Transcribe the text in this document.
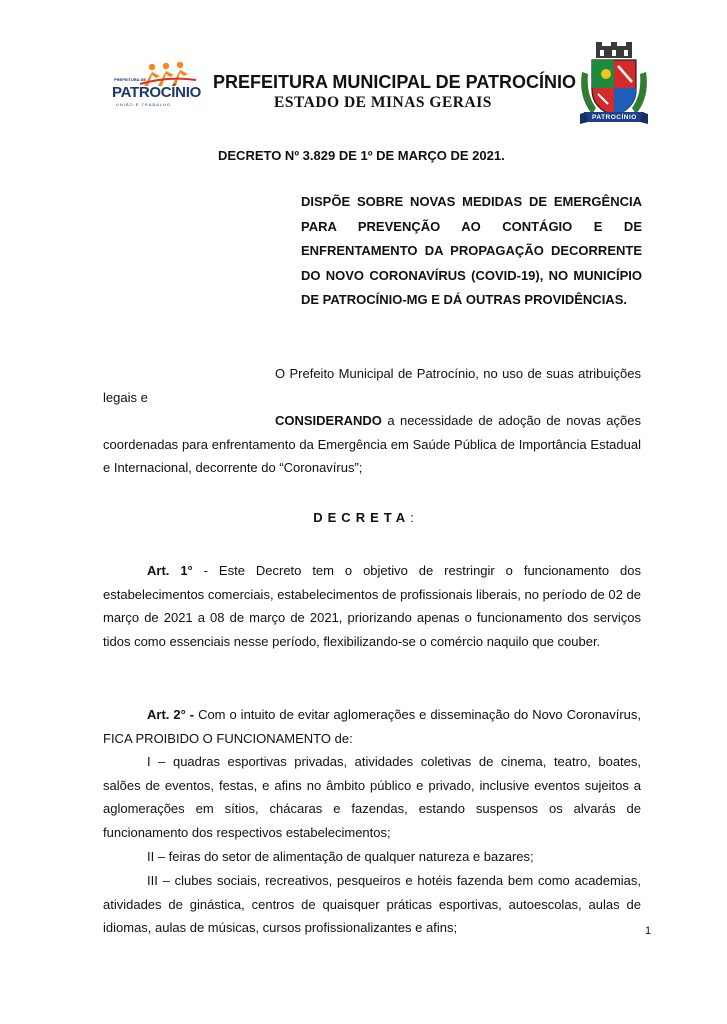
PREFEITURA DE
PATROCÍNIO
UNIÃO E TRABALHO
PREFEITURA MUNICIPAL DE PATROCÍNIO
ESTADO DE MINAS GERAIS
PATROCÍNIO
DECRETO Nº 3.829 DE 1º DE MARÇO DE 2021.

DISPÕE SOBRE NOVAS MEDIDAS DE EMERGÊNCIA PARA PREVENÇÃO AO CONTÁGIO E DE ENFRENTAMENTO DA PROPAGAÇÃO DECORRENTE DO NOVO CORONAVÍRUS (COVID-19), NO MUNICÍPIO DE PATROCÍNIO-MG E DÁ OUTRAS PROVIDÊNCIAS.

O Prefeito Municipal de Patrocínio, no uso de suas atribuições legais e

CONSIDERANDO a necessidade de adoção de novas ações coordenadas para enfrentamento da Emergência em Saúde Pública de Importância Estadual e Internacional, decorrente do “Coronavírus”;

DECRETA:

Art. 1° - Este Decreto tem o objetivo de restringir o funcionamento dos estabelecimentos comerciais, estabelecimentos de profissionais liberais, no período de 02 de março de 2021 a 08 de março de 2021, priorizando apenas o funcionamento dos serviços tidos como essenciais nesse período, flexibilizando-se o comércio naquilo que couber.

Art. 2° - Com o intuito de evitar aglomerações e disseminação do Novo Coronavírus, FICA PROIBIDO O FUNCIONAMENTO de:

I – quadras esportivas privadas, atividades coletivas de cinema, teatro, boates, salões de eventos, festas, e afins no âmbito público e privado, inclusive eventos sujeitos a aglomerações em sítios, chácaras e fazendas, estando suspensos os alvarás de funcionamento dos respectivos estabelecimentos;

II – feiras do setor de alimentação de qualquer natureza e bazares;

III – clubes sociais, recreativos, pesqueiros e hotéis fazenda bem como academias, atividades de ginástica, centros de quaisquer práticas esportivas, autoescolas, aulas de idiomas, aulas de músicas, cursos profissionalizantes e afins;	1
